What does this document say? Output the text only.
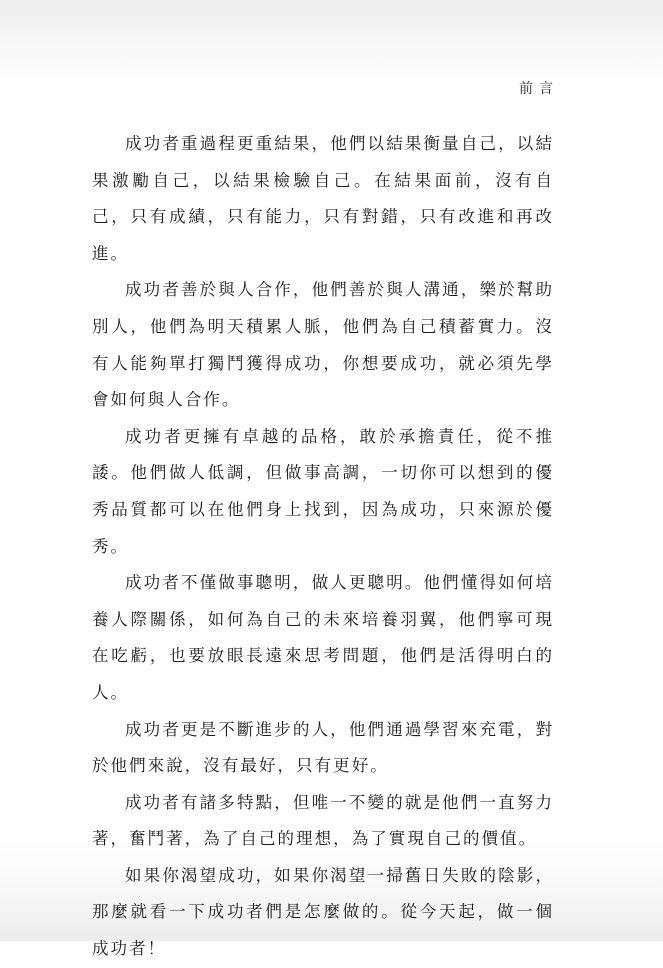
前言

成功者重過程更重結果，他們以結果衡量自己，以結果激勵自己，以結果檢驗自己。在結果面前，沒有自己，只有成績，只有能力，只有對錯，只有改進和再改進。

成功者善於與人合作，他們善於與人溝通，樂於幫助別人，他們為明天積累人脈，他們為自己積蓄實力。沒有人能夠單打獨鬥獲得成功，你想要成功，就必須先學會如何與人合作。

成功者更擁有卓越的品格，敢於承擔責任，從不推諉。他們做人低調，但做事高調，一切你可以想到的優秀品質都可以在他們身上找到，因為成功，只來源於優秀。

成功者不僅做事聰明，做人更聰明。他們懂得如何培養人際關係，如何為自己的未來培養羽翼，他們寧可現在吃虧，也要放眼長遠來思考問題，他們是活得明白的人。

成功者更是不斷進步的人，他們通過學習來充電，對於他們來說，沒有最好，只有更好。

成功者有諸多特點，但唯一不變的就是他們一直努力著，奮鬥著，為了自己的理想，為了實現自己的價值。

如果你渴望成功，如果你渴望一掃舊日失敗的陰影，那麼就看一下成功者們是怎麼做的。從今天起，做一個成功者！
